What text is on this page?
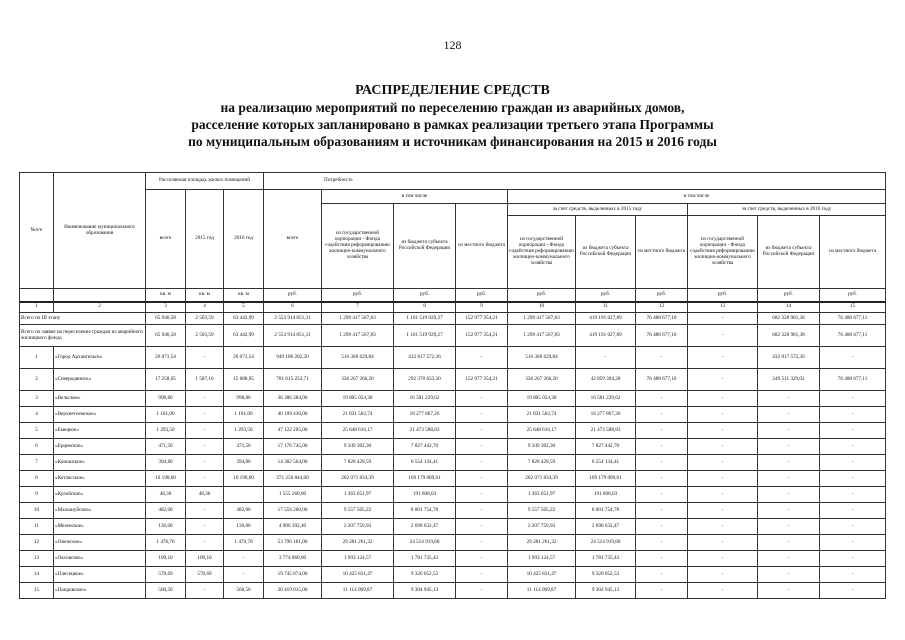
128
РАСПРЕДЕЛЕНИЕ СРЕДСТВ
на реализацию мероприятий по переселению граждан из аварийных домов,
расселение которых запланировано в рамках реализации третьего этапа Программы
по муниципальным образованиям и источникам финансирования на 2015 и 2016 годы
№п/п	Наименование муниципального образования	Расселяемая площадь жилых помещений			Потребность									
		всего	2015 год	2016 год	всего	в том числе			в том числе					
						из государственной корпорации - Фонда содействия реформированию жилищно-коммунального хозяйства	из бюджета субъекта Российской Федерации	из местного бюджета	за счет средств, выделенных в 2015 году			за счет средств, выделенных в 2016 году		
									из государственной корпорации - Фонда содействия реформированию жилищно-коммунального хозяйства	из бюджета субъекта Российской Федерации	из местного бюджета	из государственной корпорации - Фонда содействия реформированию жилищно-коммунального хозяйства	из бюджета субъекта Российской Федерации	из местного бюджета

		кв. м	кв. м	кв. м	руб.	руб.	руб.	руб.	руб.	руб.	руб.	руб.	руб.	руб.
1	2	3	4	5	6	7	8	9	10	11	12	13	14	15
Всего по III этапу		65 946,58	2 503,59	63 442,99	2 553 914 851,31	1 299 417 567,83	1 101 519 929,27	152 977 354,21	1 299 417 567,83	419 191 027,89	76 488 677,10	-	682 328 901,38	76 488 677,11
Всего по заявке на переселение граждан из аварийного жилищного фонда		65 946,58	2 503,59	63 442,99	2 553 914 851,31	1 299 417 567,83	1 101 519 929,27	152 977 354,21	1 299 417 567,83	419 191 027,89	76 488 677,10	-	682 328 901,38	76 488 677,11
1	«Город Архангельск»	26 071,54	-	26 071,54	949 186 202,20	516 368 629,84	432 817 572,36	-	516 368 629,84	-	-	-	432 817 572,36	-
2	«Северодвинск»	17 258,05	1 587,10	15 688,95	781 615 253,71	336 267 266,20	292 370 633,30	152 977 354,21	336 267 266,20	42 859 304,28	76 488 677,10	-	249 511 329,02	76 488 677,11
3	«Вельское»	998,80	-	998,80	36 386 284,00	19 805 054,38	16 581 229,62	-	19 805 054,38	16 581 229,62	-	-	-	-
4	«Верхнетоемское»	1 101,00	-	1 101,00	40 109 430,00	21 831 562,74	18 277 867,26	-	21 831 562,74	18 277 867,26	-	-	-	-
5	«Емецкое»	1 293,50	-	1 293,50	47 122 205,00	25 648 616,17	21 473 588,83	-	25 648 616,17	21 473 588,83	-	-	-	-
6	«Ерцевское»	471,50	-	471,50	17 176 745,00	9 349 302,30	7 827 442,70	-	9 349 302,30	7 827 442,70	-	-	-	-
7	«Коношское»	394,80	-	394,80	14 382 564,00	7 828 429,59	6 554 134,41	-	7 828 429,59	6 554 134,41	-	-	-	-
8	«Котласское»	10 190,60	-	10 190,60	371 250 844,00	202 071 834,39	169 179 009,61	-	202 071 834,39	169 179 009,61	-	-	-	-
9	«Кулойское»	48,30	48,30		1 555 260,00	1 363 651,97	191 608,03	-	1 363 651,97	191 608,03	-	-	-	-
10	«Малошуйское»	482,00	-	482,00	17 559 260,00	9 557 505,22	8 001 754,78	-	9 557 505,22	8 001 754,78	-	-	-	-
11	«Мезенское»	136,00	-	136,00	4 906 392,40	2 207 759,93	2 698 632,47	-	2 207 759,93	2 698 632,47	-	-	-	-
12	«Онежское»	1 476,70	-	1 476,70	53 796 181,00	29 281 261,32	24 514 919,68	-	29 281 261,32	24 514 919,68	-	-	-	-
13	«Оксовское»	109,10	109,10	-	3 774 860,00	1 993 124,57	1 781 735,43	-	1 993 124,57	1 781 735,43	-	-	-	-
14	«Плесецкое»	570,69	570,69	-	19 745 874,00	10 425 821,47	9 320 052,53	-	10 425 821,47	9 320 052,53	-	-	-	-
15	«Покровское»	560,50	-	560,50	20 419 015,00	11 114 069,87	9 304 945,13	-	11 114 069,87	9 304 945,13	-	-	-	-
